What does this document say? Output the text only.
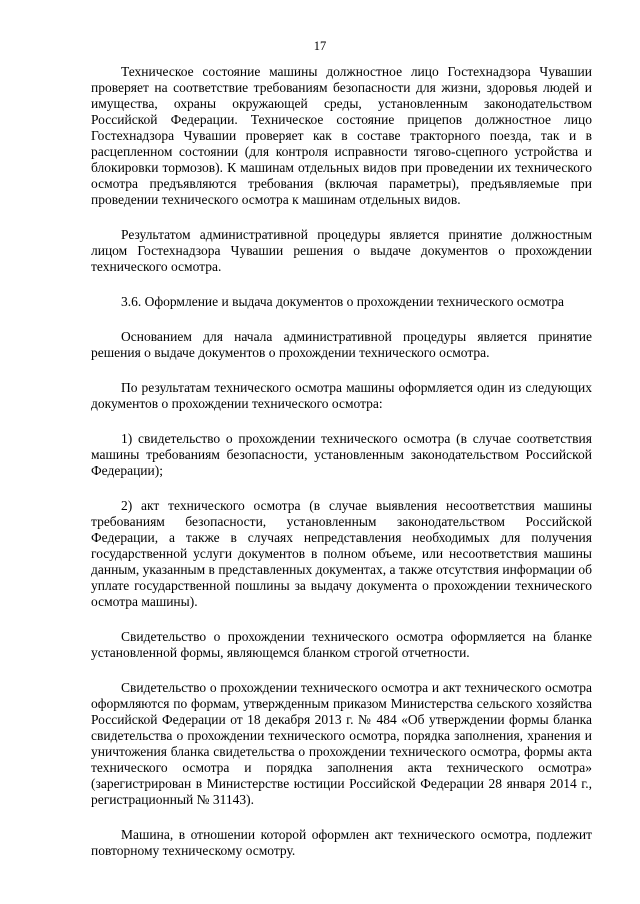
17

Техническое состояние машины должностное лицо Гостехнадзора Чувашии проверяет на соответствие требованиям безопасности для жизни, здоровья людей и имущества, охраны окружающей среды, установленным законодательством Российской Федерации. Техническое состояние прицепов должностное лицо Гостехнадзора Чувашии проверяет как в составе тракторного поезда, так и в расцепленном состоянии (для контроля исправности тягово-сцепного устройства и блокировки тормозов). К машинам отдельных видов при проведении их технического осмотра предъявляются требования (включая параметры), предъявляемые при проведении технического осмотра к машинам отдельных видов.

Результатом административной процедуры является принятие должностным лицом Гостехнадзора Чувашии решения о выдаче документов о прохождении технического осмотра.

3.6. Оформление и выдача документов о прохождении технического осмотра

Основанием для начала административной процедуры является принятие решения о выдаче документов о прохождении технического осмотра.

По результатам технического осмотра машины оформляется один из следующих документов о прохождении технического осмотра:

1) свидетельство о прохождении технического осмотра (в случае соответствия машины требованиям безопасности, установленным законодательством Российской Федерации);

2) акт технического осмотра (в случае выявления несоответствия машины требованиям безопасности, установленным законодательством Российской Федерации, а также в случаях непредставления необходимых для получения государственной услуги документов в полном объеме, или несоответствия машины данным, указанным в представленных документах, а также отсутствия информации об уплате государственной пошлины за выдачу документа о прохождении технического осмотра машины).

Свидетельство о прохождении технического осмотра оформляется на бланке установленной формы, являющемся бланком строгой отчетности.

Свидетельство о прохождении технического осмотра и акт технического осмотра оформляются по формам, утвержденным приказом Министерства сельского хозяйства Российской Федерации от 18 декабря 2013 г. № 484 «Об утверждении формы бланка свидетельства о прохождении технического осмотра, порядка заполнения, хранения и уничтожения бланка свидетельства о прохождении технического осмотра, формы акта технического осмотра и порядка заполнения акта технического осмотра» (зарегистрирован в Министерстве юстиции Российской Федерации 28 января 2014 г., регистрационный № 31143).

Машина, в отношении которой оформлен акт технического осмотра, подлежит повторному техническому осмотру.
